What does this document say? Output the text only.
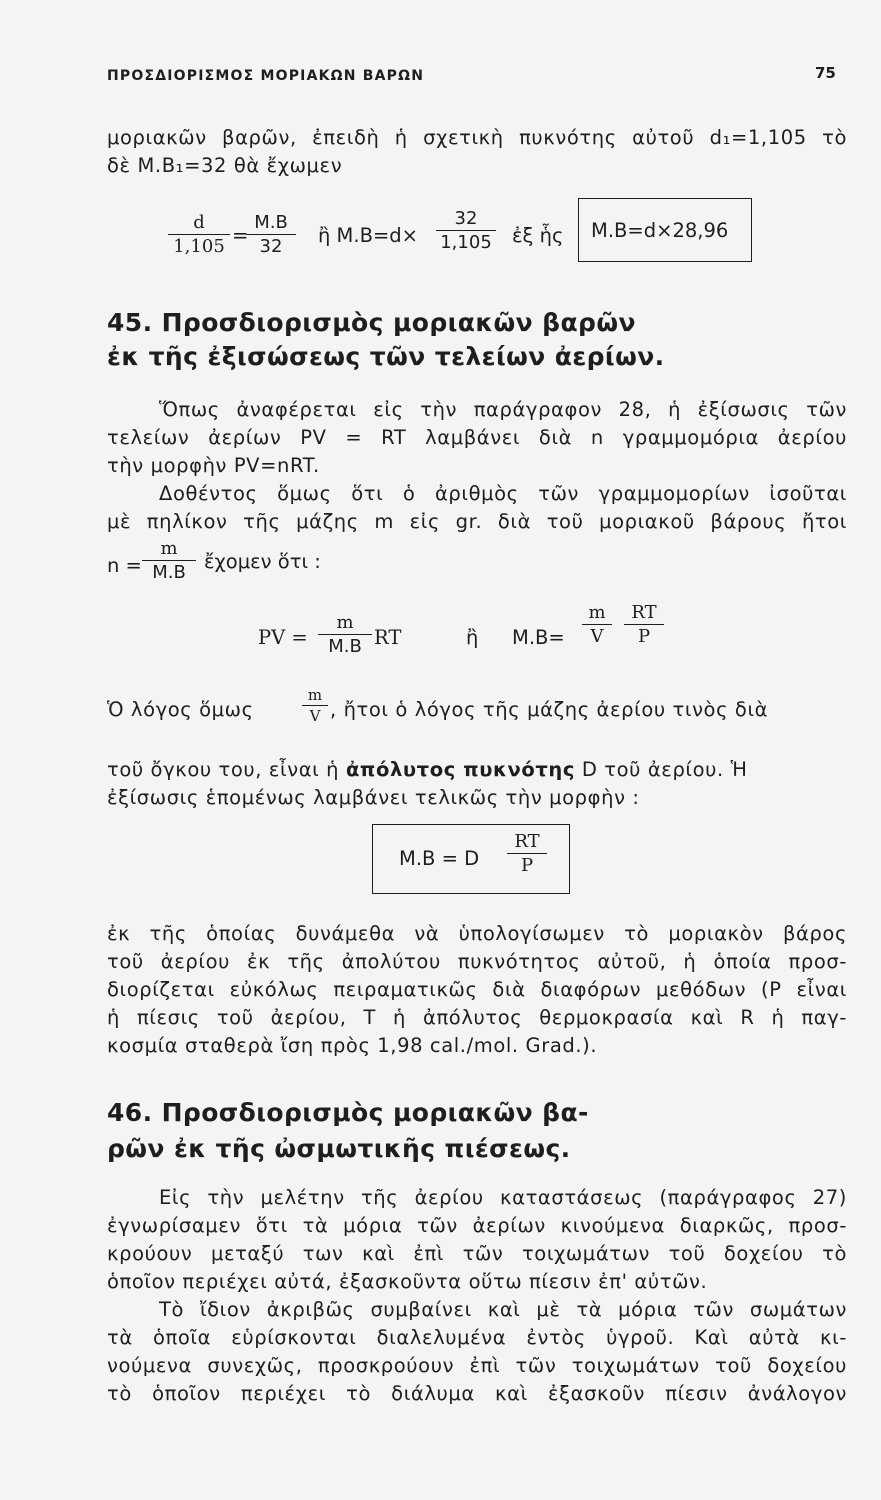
ΠΡΟΣΔΙΟΡΙΣΜΟΣ ΜΟΡΙΑΚΩΝ ΒΑΡΩΝ	75
μοριακῶν βαρῶν, ἐπειδὴ ἡ σχετικὴ πυκνότης αὐτοῦ d₁=1,105 τὸ
δὲ M.B₁=32 θὰ ἔχωμεν
$\frac{d}{1,105}$ =
$\frac{M.B}{32}$ ἢ $M.B=d\times \frac{32}{1,105}$ ἐξ ἧς M.B=d×28,96
45. Προσδιορισμὸς μοριακῶν βαρῶν
ἐκ τῆς ἐξισώσεως τῶν τελείων ἀερίων.
Ὅπως ἀναφέρεται εἰς τὴν παράγραφον 28, ἡ ἐξίσωσις τῶν
τελείων ἀερίων PV = RT λαμβάνει διὰ n γραμμομόρια ἀερίου
τὴν μορφὴν PV=nRT.
Δοθέντος ὅμως ὅτι ὁ ἀριθμὸς τῶν γραμμομορίων ἰσοῦται
μὲ πηλίκον τῆς μάζης m εἰς gr. διὰ τοῦ μοριακοῦ βάρους ἤτοι
$n = \frac{m}{M.B}$ ἔχομεν ὅτι :
PV = $\frac{m}{M.B}$ RT	ἢ $M.B= \frac{m}{V} \frac{RT}{P}$
Ὁ λόγος ὅμως	$\frac{m}{V}$ , ἤτοι ὁ λόγος τῆς μάζης ἀερίου τινὸς διὰ
τοῦ ὄγκου του, εἶναι ἡ ἀπόλυτος πυκνότης D τοῦ ἀερίου. Ἡ
ἐξίσωσις ἑπομένως λαμβάνει τελικῶς τὴν μορφὴν :
M.B = D $\frac{RT}{P}$
ἐκ τῆς ὁποίας δυνάμεθα νὰ ὑπολογίσωμεν τὸ μοριακὸν βάρος
τοῦ ἀερίου ἐκ τῆς ἀπολύτου πυκνότητος αὐτοῦ, ἡ ὁποία προσ-
διορίζεται εὐκόλως πειραματικῶς διὰ διαφόρων μεθόδων (P εἶναι
ἡ πίεσις τοῦ ἀερίου, T ἡ ἀπόλυτος θερμοκρασία καὶ R ἡ παγ-
κοσμία σταθερὰ ἴση πρὸς 1,98 cal./mol. Grad.).
46. Προσδιορισμὸς μοριακῶν βα-
ρῶν ἐκ τῆς ὠσμωτικῆς πιέσεως.
Εἰς τὴν μελέτην τῆς ἀερίου καταστάσεως (παράγραφος 27)
ἐγνωρίσαμεν ὅτι τὰ μόρια τῶν ἀερίων κινούμενα διαρκῶς, προσ-
κρούουν μεταξύ των καὶ ἐπὶ τῶν τοιχωμάτων τοῦ δοχείου τὸ
ὁποῖον περιέχει αὐτά, ἐξασκοῦντα οὕτω πίεσιν ἐπ' αὐτῶν.
Τὸ ἴδιον ἀκριβῶς συμβαίνει καὶ μὲ τὰ μόρια τῶν σωμάτων
τὰ ὁποῖα εὑρίσκονται διαλελυμένα ἐντὸς ὑγροῦ. Καὶ αὐτὰ κι-
νούμενα συνεχῶς, προσκρούουν ἐπὶ τῶν τοιχωμάτων τοῦ δοχείου
τὸ ὁποῖον περιέχει τὸ διάλυμα καὶ ἐξασκοῦν πίεσιν ἀνάλογον
